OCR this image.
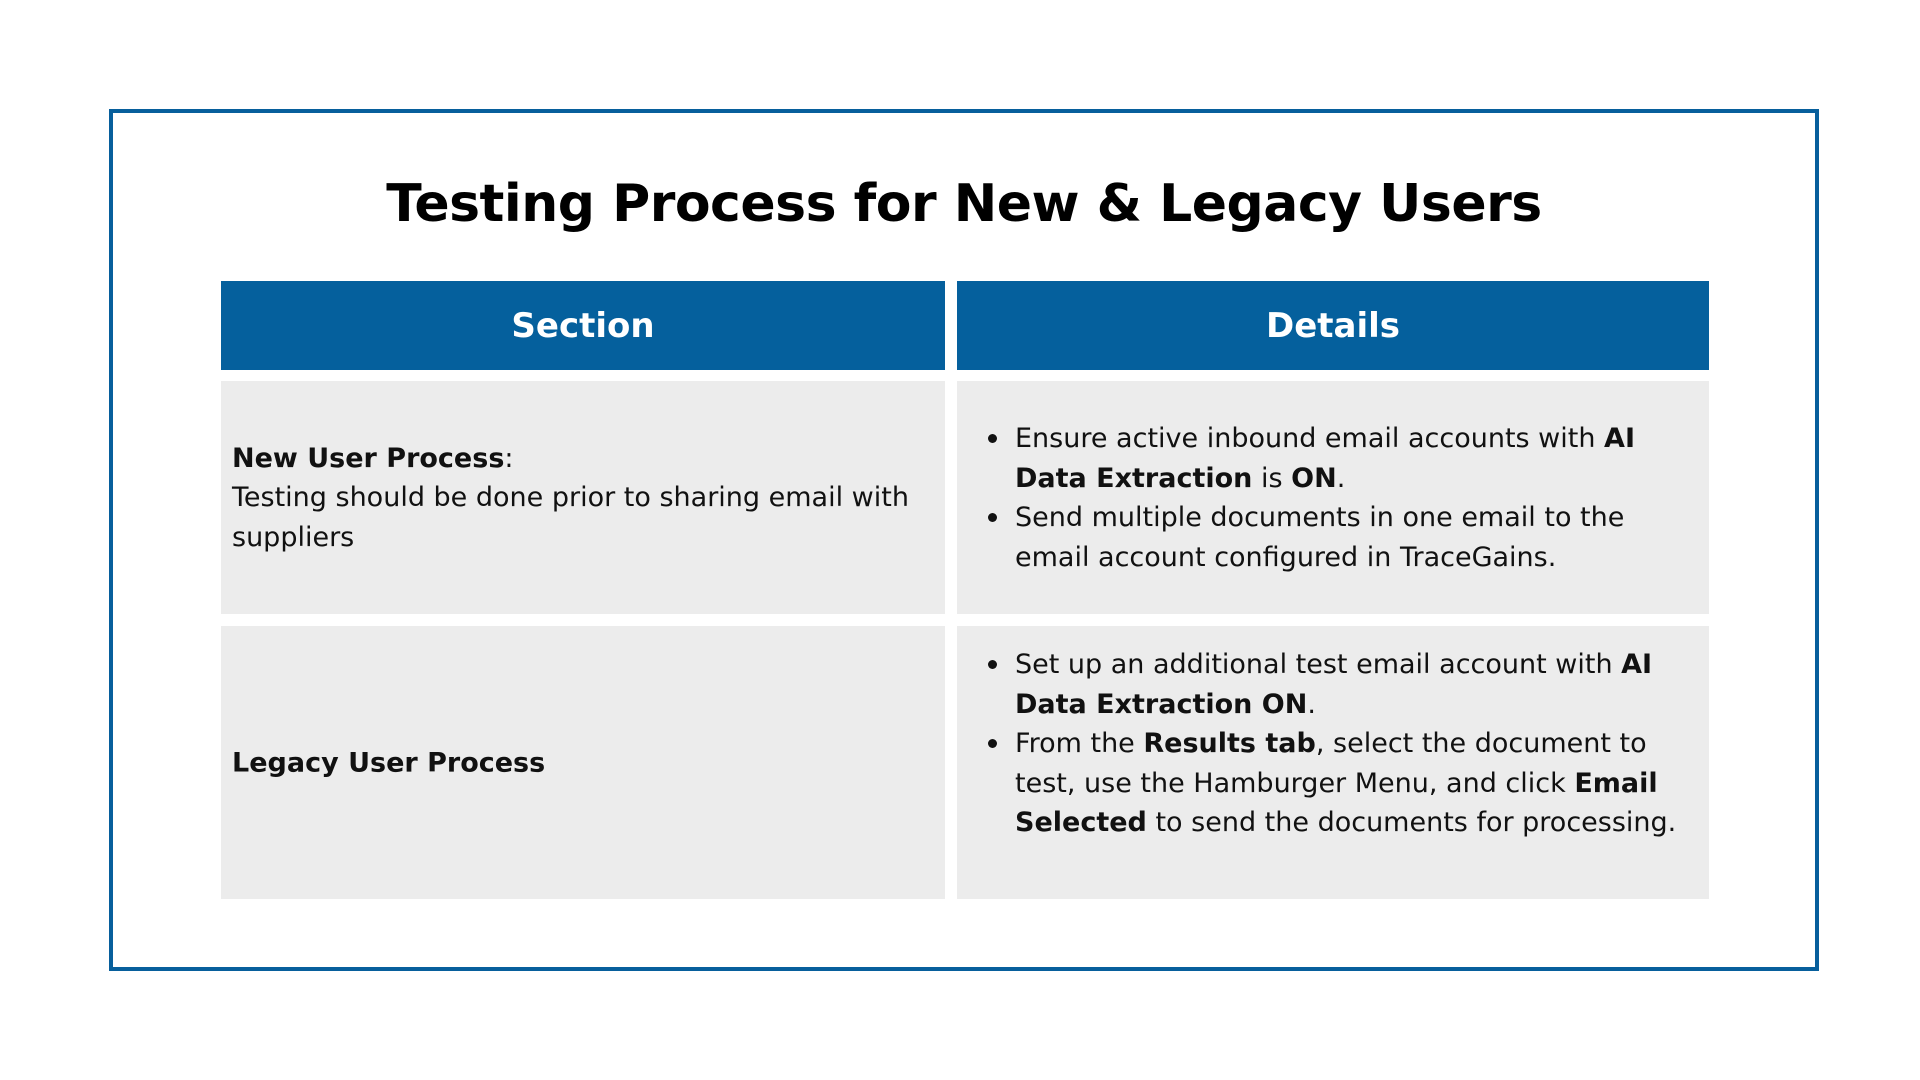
Testing Process for New & Legacy Users
Section	Details
New User Process:
Testing should be done prior to sharing email with suppliers
Ensure active inbound email accounts with AI Data Extraction is ON.
Send multiple documents in one email to the email account configured in TraceGains.
Legacy User Process
Set up an additional test email account with AI Data Extraction ON.
From the Results tab, select the document to test, use the Hamburger Menu, and click Email Selected to send the documents for processing.
